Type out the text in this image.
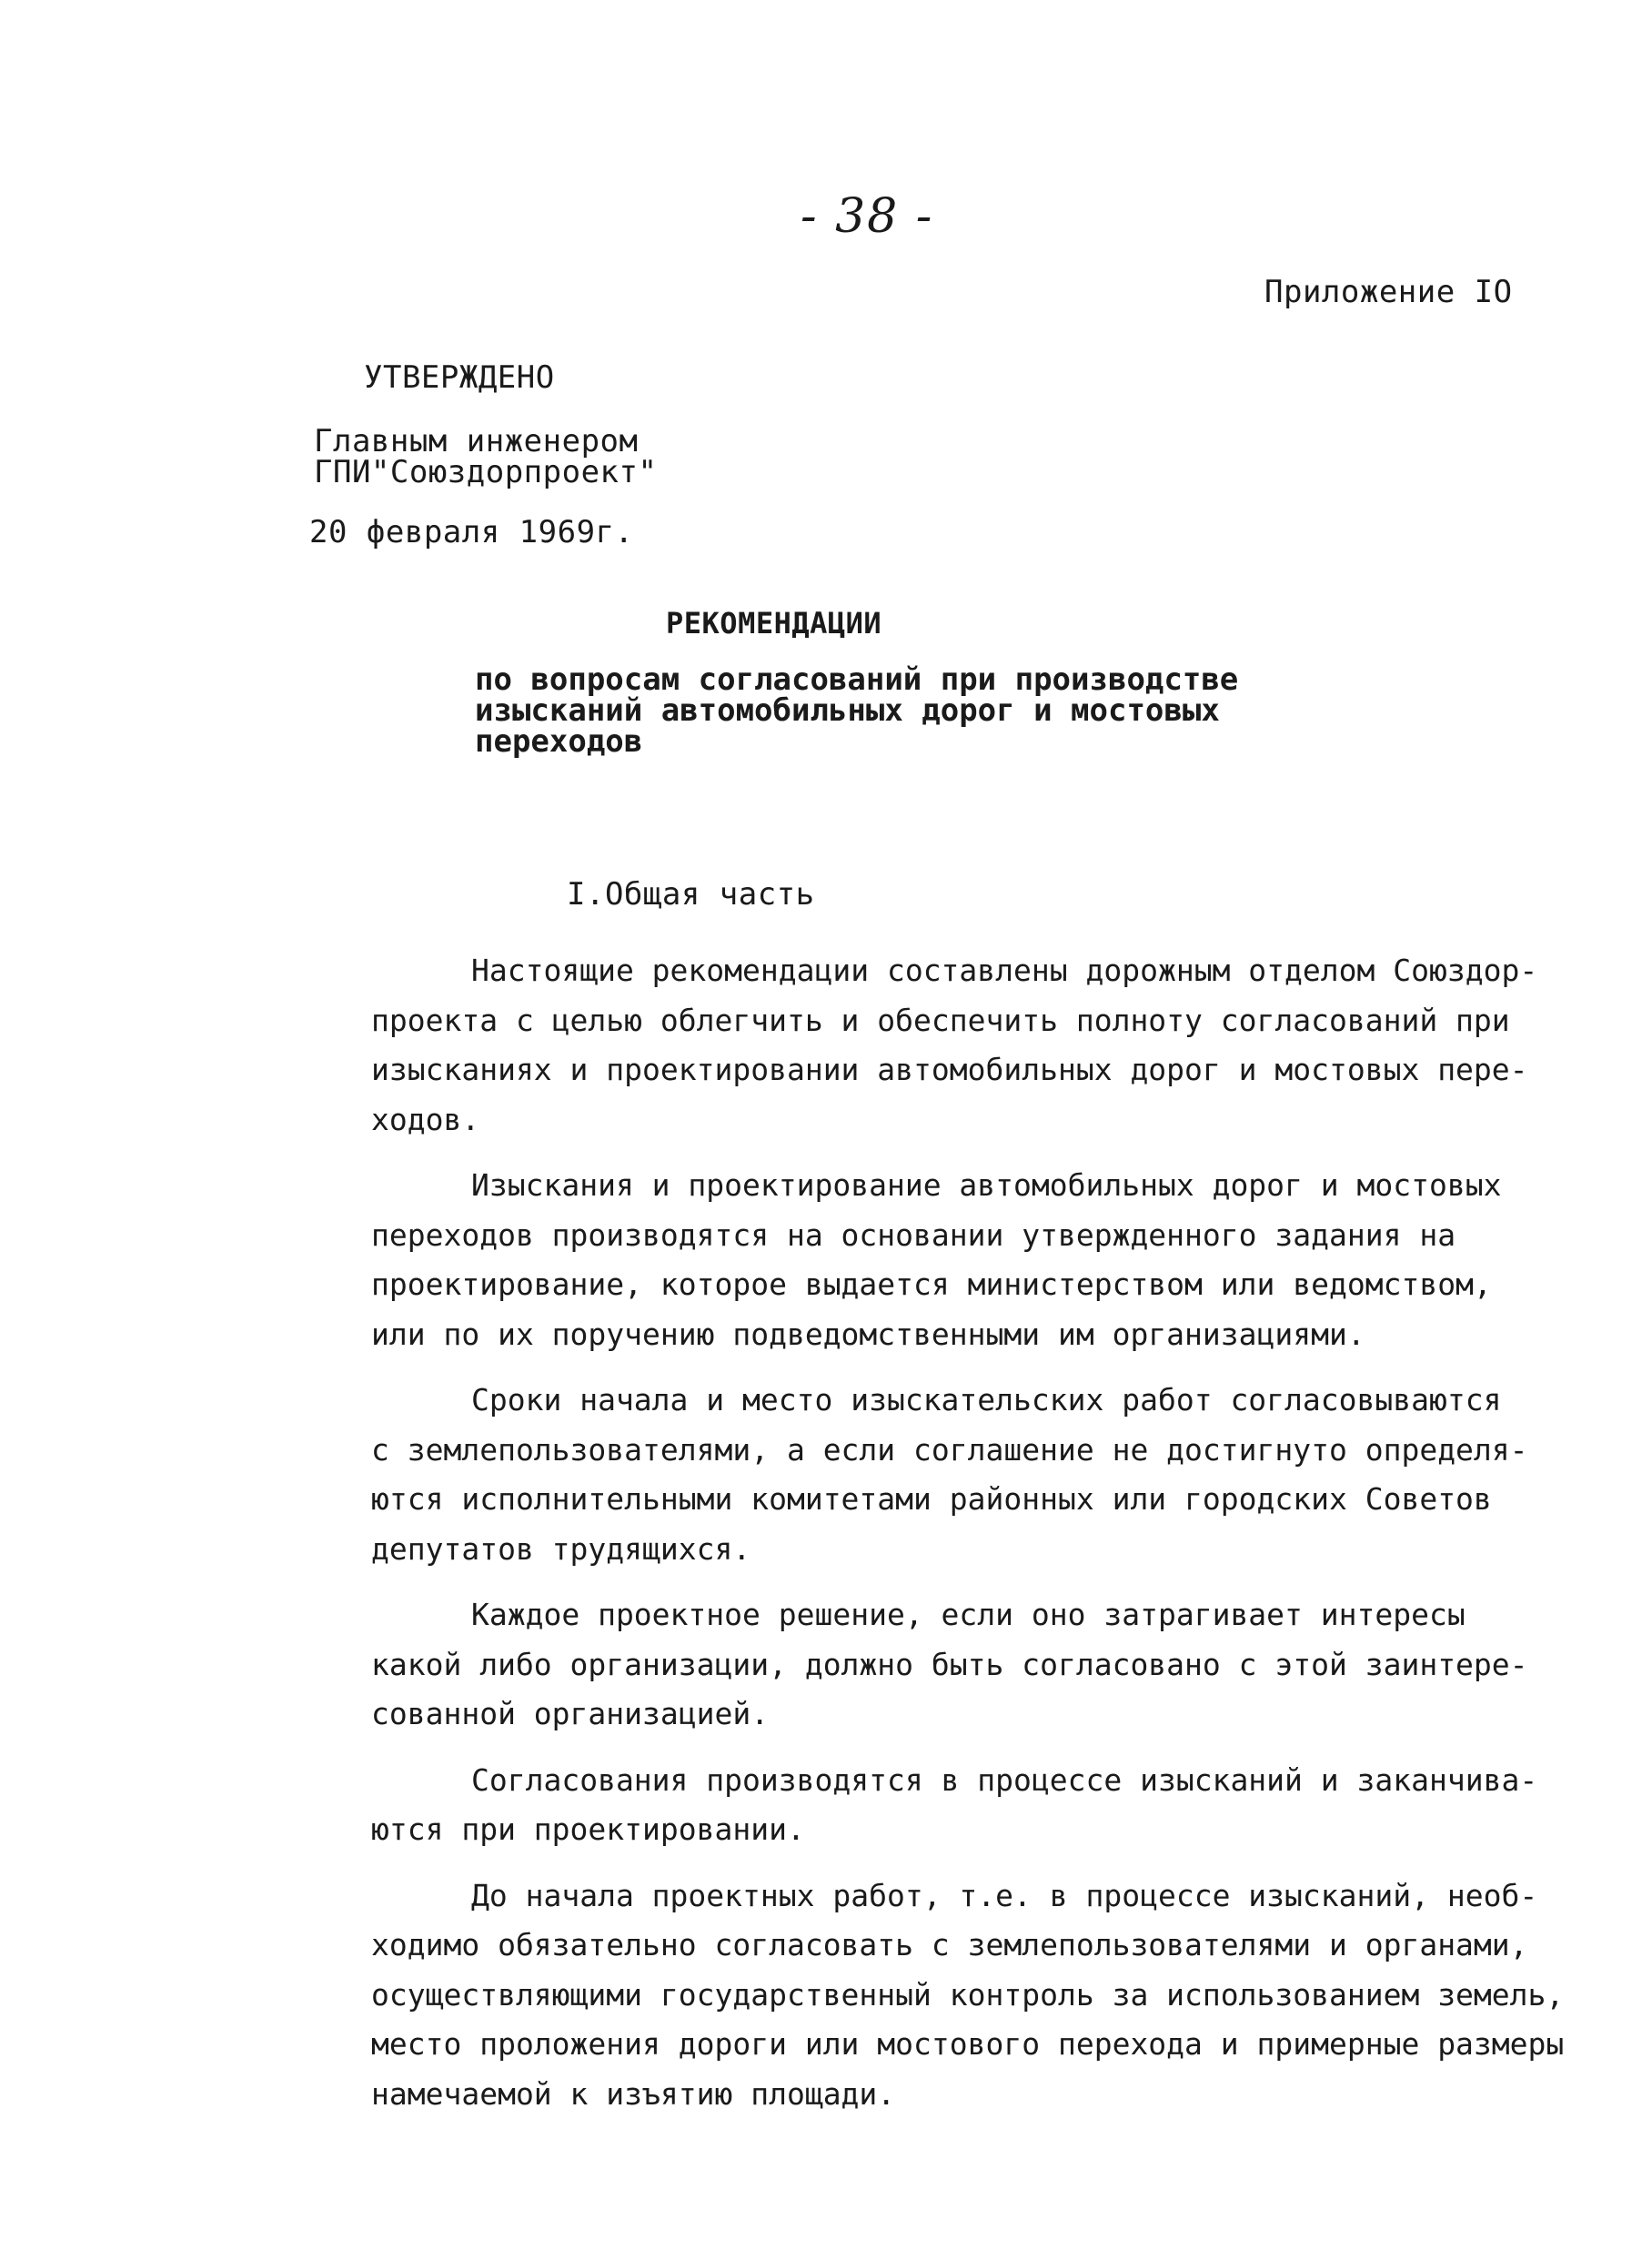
- 38 -
Приложение IO
УТВЕРЖДЕНО
Главным инженером
ГПИ"Союздорпроект"
20 февраля 1969г.
РЕКОМЕНДАЦИИ
по вопросам согласований при производстве
изысканий автомобильных дорог и мостовых
переходов
I.Общая часть
Настоящие рекомендации составлены дорожным отделом Союздор-
проекта с целью облегчить и обеспечить полноту согласований при
изысканиях и проектировании автомобильных дорог и мостовых пере-
ходов.
Изыскания и проектирование автомобильных дорог и мостовых
переходов производятся на основании утвержденного задания на
проектирование, которое выдается министерством или ведомством,
или по их поручению подведомственными им организациями.
Сроки начала и место изыскательских работ согласовываются
с землепользователями, а если соглашение не достигнуто определя-
ются исполнительными комитетами районных или городских Советов
депутатов трудящихся.
Каждое проектное решение, если оно затрагивает интересы
какой либо организации, должно быть согласовано с этой заинтере-
сованной организацией.
Согласования производятся в процессе изысканий и заканчива-
ются при проектировании.
До начала проектных работ, т.е. в процессе изысканий, необ-
ходимо обязательно согласовать с землепользователями и органами,
осуществляющими государственный контроль за использованием земель,
место проложения дороги или мостового перехода и примерные размеры
намечаемой к изъятию площади.
